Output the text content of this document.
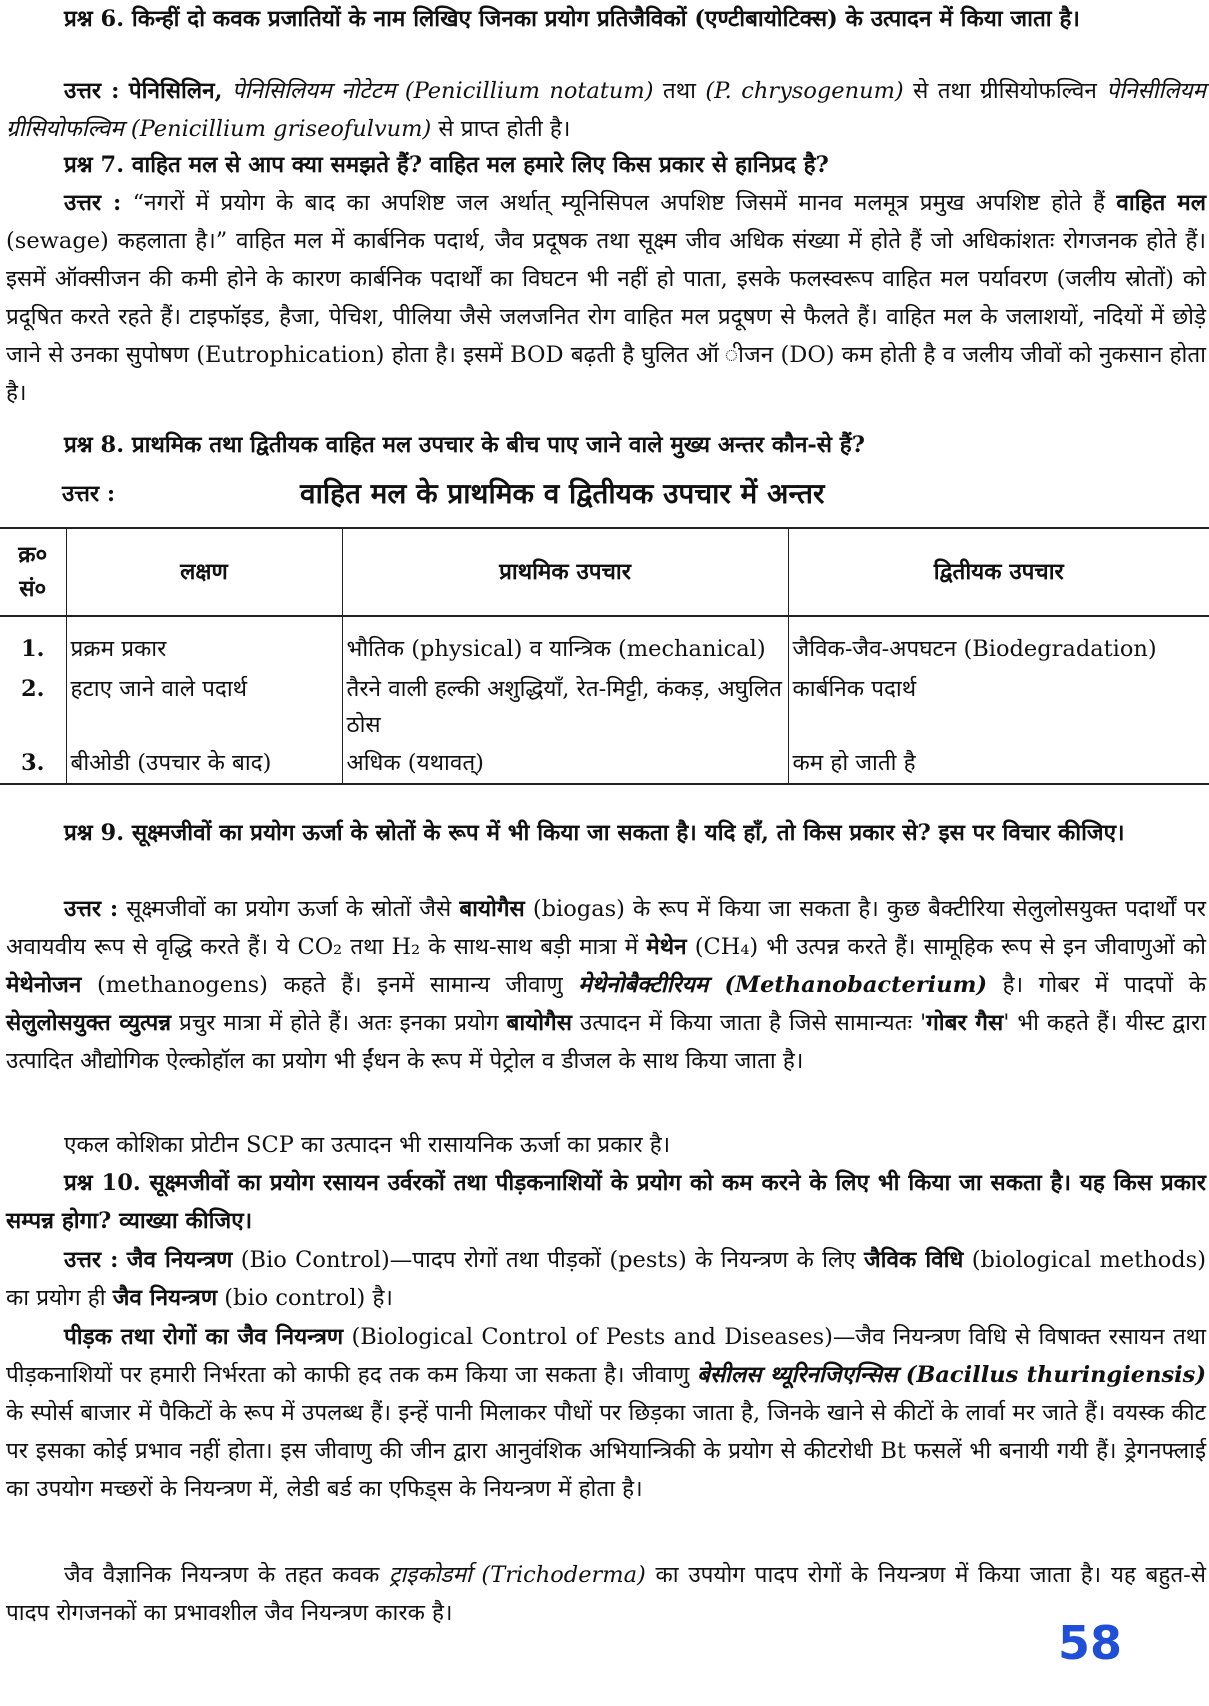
प्रश्न 6. किन्हीं दो कवक प्रजातियों के नाम लिखिए जिनका प्रयोग प्रतिजैविकों (एण्टीबायोटिक्स) के उत्पादन में किया जाता है।
उत्तर : पेनिसिलिन, पेनिसिलियम नोटेटम (Penicillium notatum) तथा (P. chrysogenum) से तथा ग्रीसियोफल्विन पेनिसीलियम ग्रीसियोफल्विम (Penicillium griseofulvum) से प्राप्त होती है।
प्रश्न 7. वाहित मल से आप क्या समझते हैं? वाहित मल हमारे लिए किस प्रकार से हानिप्रद है?
उत्तर : “नगरों में प्रयोग के बाद का अपशिष्ट जल अर्थात् म्यूनिसिपल अपशिष्ट जिसमें मानव मलमूत्र प्रमुख अपशिष्ट होते हैं वाहित मल (sewage) कहलाता है।” वाहित मल में कार्बनिक पदार्थ, जैव प्रदूषक तथा सूक्ष्म जीव अधिक संख्या में होते हैं जो अधिकांशतः रोगजनक होते हैं। इसमें ऑक्सीजन की कमी होने के कारण कार्बनिक पदार्थों का विघटन भी नहीं हो पाता, इसके फलस्वरूप वाहित मल पर्यावरण (जलीय स्रोतों) को प्रदूषित करते रहते हैं। टाइफॉइड, हैजा, पेचिश, पीलिया जैसे जलजनित रोग वाहित मल प्रदूषण से फैलते हैं। वाहित मल के जलाशयों, नदियों में छोड़े जाने से उनका सुपोषण (Eutrophication) होता है। इसमें BOD बढ़ती है घुलित ऑ ीजन (DO) कम होती है व जलीय जीवों को नुकसान होता है।
प्रश्न 8. प्राथमिक तथा द्वितीयक वाहित मल उपचार के बीच पाए जाने वाले मुख्य अन्तर कौन-से हैं?
उत्तर :	वाहित मल के प्राथमिक व द्वितीयक उपचार में अन्तर
क्र० सं०	लक्षण	प्राथमिक उपचार	द्वितीयक उपचार
1.	प्रक्रम प्रकार	भौतिक (physical) व यान्त्रिक (mechanical)	जैविक-जैव-अपघटन (Biodegradation)
2.	हटाए जाने वाले पदार्थ	तैरने वाली हल्की अशुद्धियाँ, रेत-मिट्टी, कंकड़, अघुलित ठोस	कार्बनिक पदार्थ
3.	बीओडी (उपचार के बाद)	अधिक (यथावत्)	कम हो जाती है
प्रश्न 9. सूक्ष्मजीवों का प्रयोग ऊर्जा के स्रोतों के रूप में भी किया जा सकता है। यदि हाँ, तो किस प्रकार से? इस पर विचार कीजिए।
उत्तर : सूक्ष्मजीवों का प्रयोग ऊर्जा के स्रोतों जैसे बायोगैस (biogas) के रूप में किया जा सकता है। कुछ बैक्टीरिया सेलुलोसयुक्त पदार्थों पर अवायवीय रूप से वृद्धि करते हैं। ये CO₂ तथा H₂ के साथ-साथ बड़ी मात्रा में मेथेन (CH₄) भी उत्पन्न करते हैं। सामूहिक रूप से इन जीवाणुओं को मेथेनोजन (methanogens) कहते हैं। इनमें सामान्य जीवाणु मेथेनोबैक्टीरियम (Methanobacterium) है। गोबर में पादपों के सेलुलोसयुक्त व्युत्पन्न प्रचुर मात्रा में होते हैं। अतः इनका प्रयोग बायोगैस उत्पादन में किया जाता है जिसे सामान्यतः 'गोबर गैस' भी कहते हैं। यीस्ट द्वारा उत्पादित औद्योगिक ऐल्कोहॉल का प्रयोग भी ईंधन के रूप में पेट्रोल व डीजल के साथ किया जाता है।
एकल कोशिका प्रोटीन SCP का उत्पादन भी रासायनिक ऊर्जा का प्रकार है।
प्रश्न 10. सूक्ष्मजीवों का प्रयोग रसायन उर्वरकों तथा पीड़कनाशियों के प्रयोग को कम करने के लिए भी किया जा सकता है। यह किस प्रकार सम्पन्न होगा? व्याख्या कीजिए।
उत्तर : जैव नियन्त्रण (Bio Control)—पादप रोगों तथा पीड़कों (pests) के नियन्त्रण के लिए जैविक विधि (biological methods) का प्रयोग ही जैव नियन्त्रण (bio control) है।
पीड़क तथा रोगों का जैव नियन्त्रण (Biological Control of Pests and Diseases)—जैव नियन्त्रण विधि से विषाक्त रसायन तथा पीड़कनाशियों पर हमारी निर्भरता को काफी हद तक कम किया जा सकता है। जीवाणु बेसीलस थ्यूरिनजिएन्सिस (Bacillus thuringiensis) के स्पोर्स बाजार में पैकिटों के रूप में उपलब्ध हैं। इन्हें पानी मिलाकर पौधों पर छिड़का जाता है, जिनके खाने से कीटों के लार्वा मर जाते हैं। वयस्क कीट पर इसका कोई प्रभाव नहीं होता। इस जीवाणु की जीन द्वारा आनुवंशिक अभियान्त्रिकी के प्रयोग से कीटरोधी Bt फसलें भी बनायी गयी हैं। ड्रेगनफ्लाई का उपयोग मच्छरों के नियन्त्रण में, लेडी बर्ड का एफिड्स के नियन्त्रण में होता है।
जैव वैज्ञानिक नियन्त्रण के तहत कवक ट्राइकोडर्मा (Trichoderma) का उपयोग पादप रोगों के नियन्त्रण में किया जाता है। यह बहुत-से पादप रोगजनकों का प्रभावशील जैव नियन्त्रण कारक है।
58
